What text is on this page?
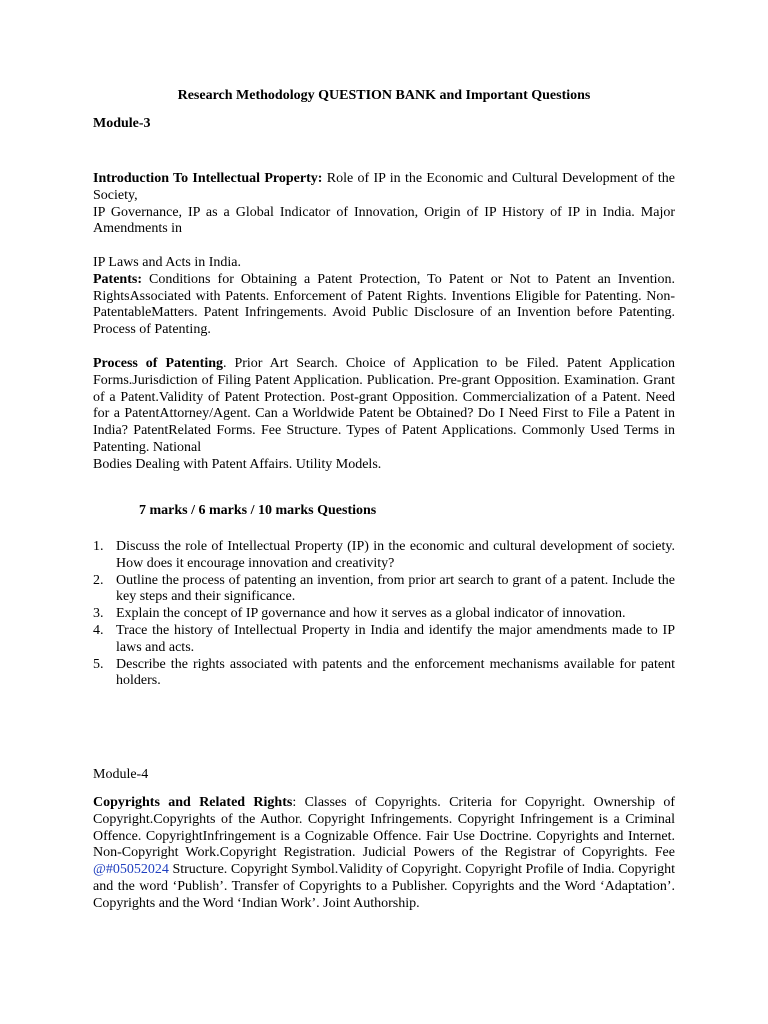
Research Methodology QUESTION BANK and Important Questions
Module-3
Introduction To Intellectual Property: Role of IP in the Economic and Cultural Development of the Society,
IP Governance, IP as a Global Indicator of Innovation, Origin of IP History of IP in India. Major Amendments in
IP Laws and Acts in India.
Patents: Conditions for Obtaining a Patent Protection, To Patent or Not to Patent an Invention. RightsAssociated with Patents. Enforcement of Patent Rights. Inventions Eligible for Patenting. Non-PatentableMatters. Patent Infringements. Avoid Public Disclosure of an Invention before Patenting. Process of Patenting.
Process of Patenting. Prior Art Search. Choice of Application to be Filed. Patent Application Forms.Jurisdiction of Filing Patent Application. Publication. Pre-grant Opposition. Examination. Grant of a Patent.Validity of Patent Protection. Post-grant Opposition. Commercialization of a Patent. Need for a PatentAttorney/Agent. Can a Worldwide Patent be Obtained? Do I Need First to File a Patent in India? PatentRelated Forms. Fee Structure. Types of Patent Applications. Commonly Used Terms in Patenting. National
Bodies Dealing with Patent Affairs. Utility Models.
7 marks / 6 marks / 10 marks Questions
1. Discuss the role of Intellectual Property (IP) in the economic and cultural development of society. How does it encourage innovation and creativity?
2. Outline the process of patenting an invention, from prior art search to grant of a patent. Include the key steps and their significance.
3. Explain the concept of IP governance and how it serves as a global indicator of innovation.
4. Trace the history of Intellectual Property in India and identify the major amendments made to IP laws and acts.
5. Describe the rights associated with patents and the enforcement mechanisms available for patent holders.
Module-4
Copyrights and Related Rights: Classes of Copyrights. Criteria for Copyright. Ownership of Copyright.Copyrights of the Author. Copyright Infringements. Copyright Infringement is a Criminal Offence. CopyrightInfringement is a Cognizable Offence. Fair Use Doctrine. Copyrights and Internet. Non-Copyright Work.Copyright Registration. Judicial Powers of the Registrar of Copyrights. Fee @#05052024 Structure. Copyright Symbol.Validity of Copyright. Copyright Profile of India. Copyright and the word ‘Publish’. Transfer of Copyrights to a Publisher. Copyrights and the Word ‘Adaptation’. Copyrights and the Word ‘Indian Work’. Joint Authorship.
